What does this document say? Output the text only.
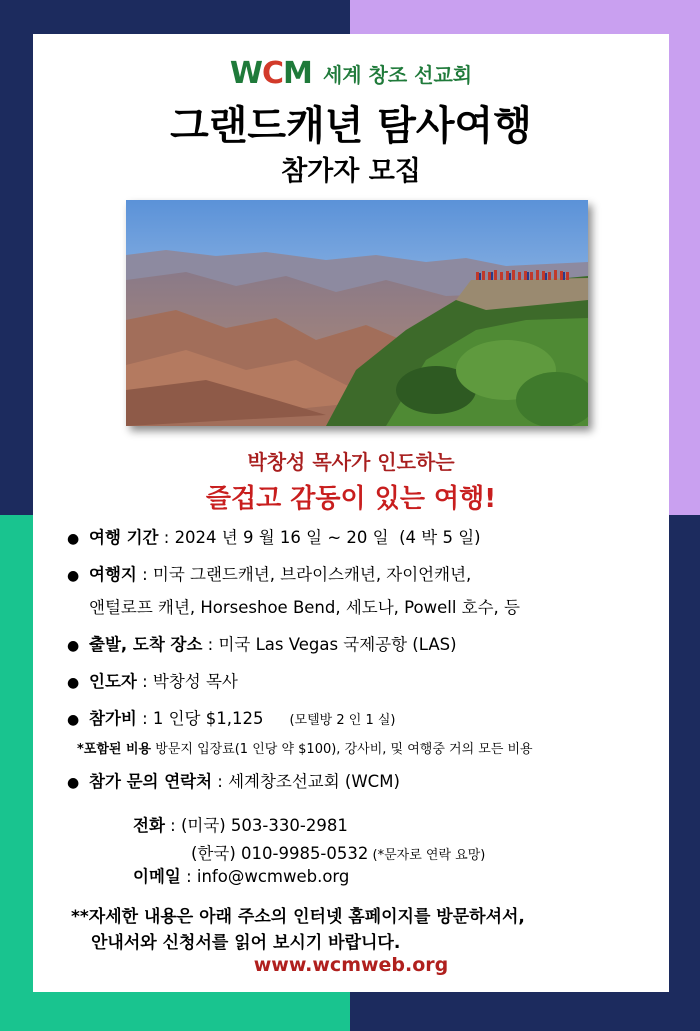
WCM 세계 창조 선교회
그랜드캐년 탐사여행
참가자 모집
박창성 목사가 인도하는
즐겁고 감동이 있는 여행!
● 여행 기간 : 2024 년 9 월 16 일 ~ 20 일  (4 박 5 일)
● 여행지 : 미국 그랜드캐년, 브라이스캐년, 자이언캐년,
앤털로프 캐년, Horseshoe Bend, 세도나, Powell 호수, 등
● 출발, 도착 장소 : 미국 Las Vegas 국제공항 (LAS)
● 인도자 : 박창성 목사
● 참가비 : 1 인당 $1,125 (모텔방 2 인 1 실)
*포함된 비용 방문지 입장료(1 인당 약 $100), 강사비, 및 여행중 거의 모든 비용
● 참가 문의 연락처 : 세계창조선교회 (WCM)
전화 : (미국) 503-330-2981
(한국) 010-9985-0532 (*문자로 연락 요망)
이메일 : info@wcmweb.org
**자세한 내용은 아래 주소의 인터넷 홈페이지를 방문하셔서,
안내서와 신청서를 읽어 보시기 바랍니다.
www.wcmweb.org
